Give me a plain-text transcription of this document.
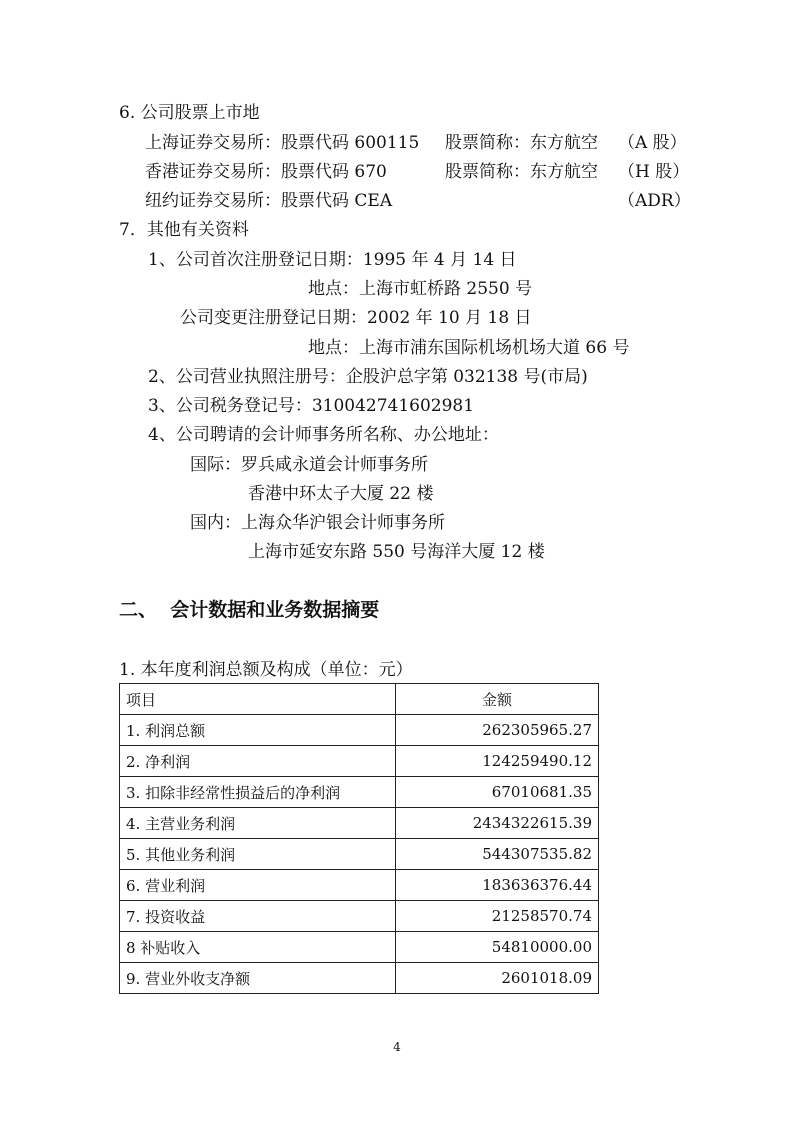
6. 公司股票上市地
上海证券交易所：股票代码 600115 股票简称：东方航空 （A 股）
香港证券交易所：股票代码 670	股票简称：东方航空 （H 股）
纽约证券交易所：股票代码 CEA	（ADR）
7．其他有关资料
1、公司首次注册登记日期：1995 年 4 月 14 日
地点：上海市虹桥路 2550 号
公司变更注册登记日期：2002 年 10 月 18 日
地点：上海市浦东国际机场机场大道 66 号
2、公司营业执照注册号：企股沪总字第 032138 号(市局)
3、公司税务登记号：310042741602981
4、公司聘请的会计师事务所名称、办公地址：
国际：罗兵咸永道会计师事务所
香港中环太子大厦 22 楼
国内：上海众华沪银会计师事务所
上海市延安东路 550 号海洋大厦 12 楼
二、  会计数据和业务数据摘要
1. 本年度利润总额及构成（单位：元）
项目	金额
1. 利润总额	262305965.27
2. 净利润	124259490.12
3. 扣除非经常性损益后的净利润	67010681.35
4. 主营业务利润	2434322615.39
5. 其他业务利润	544307535.82
6. 营业利润	183636376.44
7. 投资收益	21258570.74
8 补贴收入	54810000.00
9. 营业外收支净额	2601018.09
4
